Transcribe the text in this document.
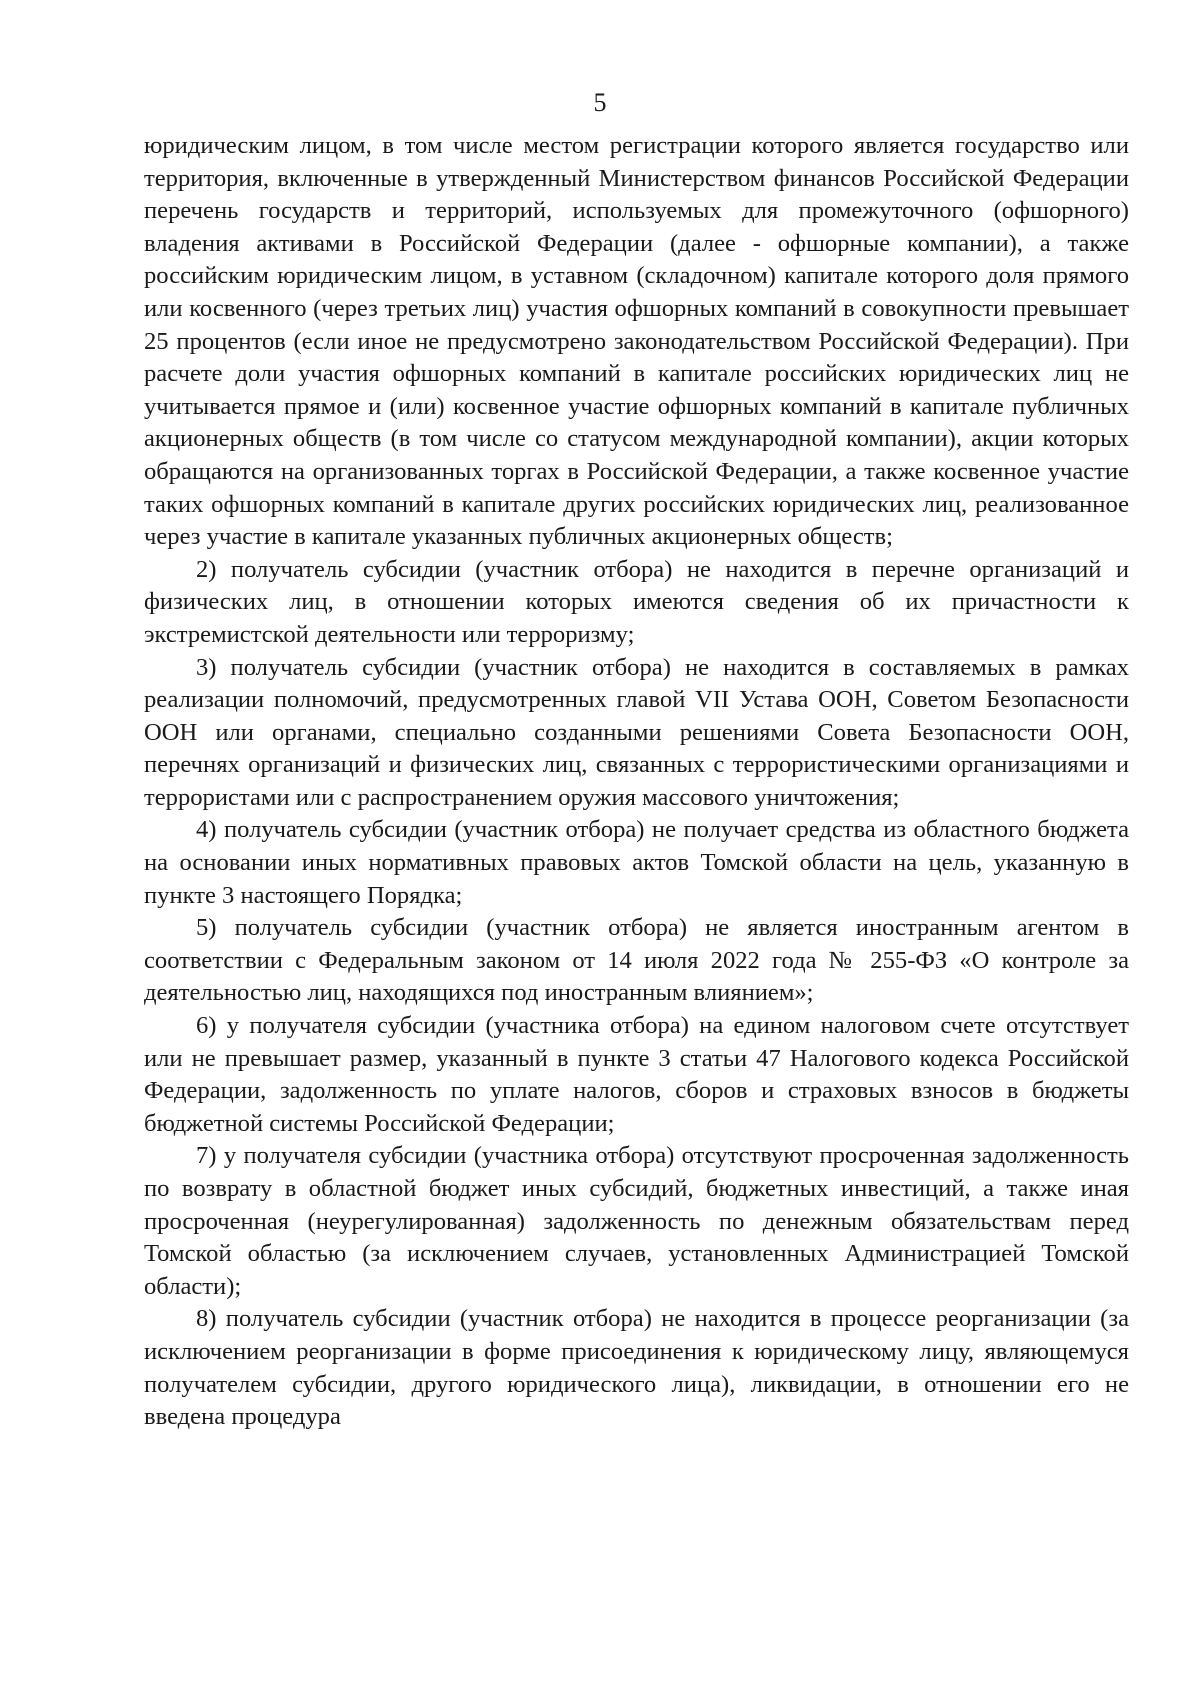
5

юридическим лицом, в том числе местом регистрации которого является государство или территория, включенные в утвержденный Министерством финансов Российской Федерации перечень государств и территорий, используемых для промежуточного (офшорного) владения активами в Российской Федерации (далее - офшорные компании), а также российским юридическим лицом, в уставном (складочном) капитале которого доля прямого или косвенного (через третьих лиц) участия офшорных компаний в совокупности превышает 25 процентов (если иное не предусмотрено законодательством Российской Федерации). При расчете доли участия офшорных компаний в капитале российских юридических лиц не учитывается прямое и (или) косвенное участие офшорных компаний в капитале публичных акционерных обществ (в том числе со статусом международной компании), акции которых обращаются на организованных торгах в Российской Федерации, а также косвенное участие таких офшорных компаний в капитале других российских юридических лиц, реализованное через участие в капитале указанных публичных акционерных обществ;

2) получатель субсидии (участник отбора) не находится в перечне организаций и физических лиц, в отношении которых имеются сведения об их причастности к экстремистской деятельности или терроризму;

3) получатель субсидии (участник отбора) не находится в составляемых в рамках реализации полномочий, предусмотренных главой VII Устава ООН, Советом Безопасности ООН или органами, специально созданными решениями Совета Безопасности ООН, перечнях организаций и физических лиц, связанных с террористическими организациями и террористами или с распространением оружия массового уничтожения;

4) получатель субсидии (участник отбора) не получает средства из областного бюджета на основании иных нормативных правовых актов Томской области на цель, указанную в пункте 3 настоящего Порядка;

5) получатель субсидии (участник отбора) не является иностранным агентом в соответствии с Федеральным законом от 14 июля 2022 года № 255-ФЗ «О контроле за деятельностью лиц, находящихся под иностранным влиянием»;

6) у получателя субсидии (участника отбора) на едином налоговом счете отсутствует или не превышает размер, указанный в пункте 3 статьи 47 Налогового кодекса Российской Федерации, задолженность по уплате налогов, сборов и страховых взносов в бюджеты бюджетной системы Российской Федерации;

7) у получателя субсидии (участника отбора) отсутствуют просроченная задолженность по возврату в областной бюджет иных субсидий, бюджетных инвестиций, а также иная просроченная (неурегулированная) задолженность по денежным обязательствам перед Томской областью (за исключением случаев, установленных Администрацией Томской области);

8) получатель субсидии (участник отбора) не находится в процессе реорганизации (за исключением реорганизации в форме присоединения к юридическому лицу, являющемуся получателем субсидии, другого юридического лица), ликвидации, в отношении его не введена процедура
